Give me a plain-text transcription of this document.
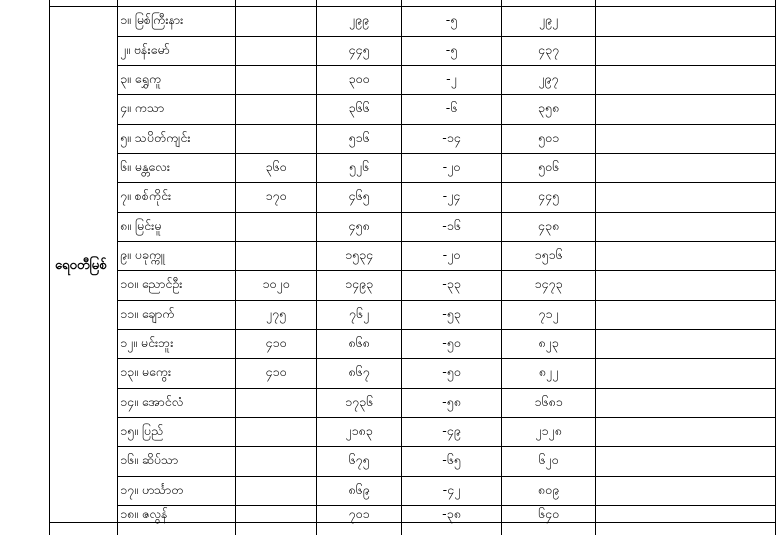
ရေဝတီမြစ်
၁။ မြစ်ကြီးနား	၂၉၉	-၅	၂၉၂
၂။ ဗန်းမော်	၄၄၅	-၅	၄၃၇
၃။ ရွှေကူ	၃၀၀	-၂	၂၉၇
၄။ ကသာ	၃၆၆	-၆	၃၅၈
၅။ သပိတ်ကျင်း	၅၁၆	-၁၄	၅၀၁
၆။ မန္တလေး	၃၆၀	၅၂၆	-၂၀	၅၀၆
၇။ စစ်ကိုင်း	၁၇၀	၄၆၅	-၂၄	၄၄၅
၈။ မြင်းမူ	၄၅၈	-၁၆	၄၃၈
၉။ ပခုက္ကူ	၁၅၃၄	-၂၀	၁၅၁၆
၁၀။ ညောင်ဦး	၁၀၂၀	၁၄၉၃	-၃၃	၁၄၇၃
၁၁။ ချောက်	၂၇၅	၇၆၂	-၅၃	၇၁၂
၁၂။ မင်းဘူး	၄၁၀	၈၆၈	-၅၀	၈၂၃
၁၃။ မကွေး	၄၁၀	၈၆၇	-၅၀	၈၂၂
၁၄။ အောင်လံ	၁၇၃၆	-၅၈	၁၆၈၁
၁၅။ ပြည်	၂၁၈၃	-၄၉	၂၁၂၈
၁၆။ ဆိပ်သာ	၆၇၅	-၆၅	၆၂၀
၁၇။ ဟင်္သာတ	၈၆၉	-၄၂	၈၀၉
၁၈။ ဇလွန်	၇၀၁	-၃၈	၆၄၀
